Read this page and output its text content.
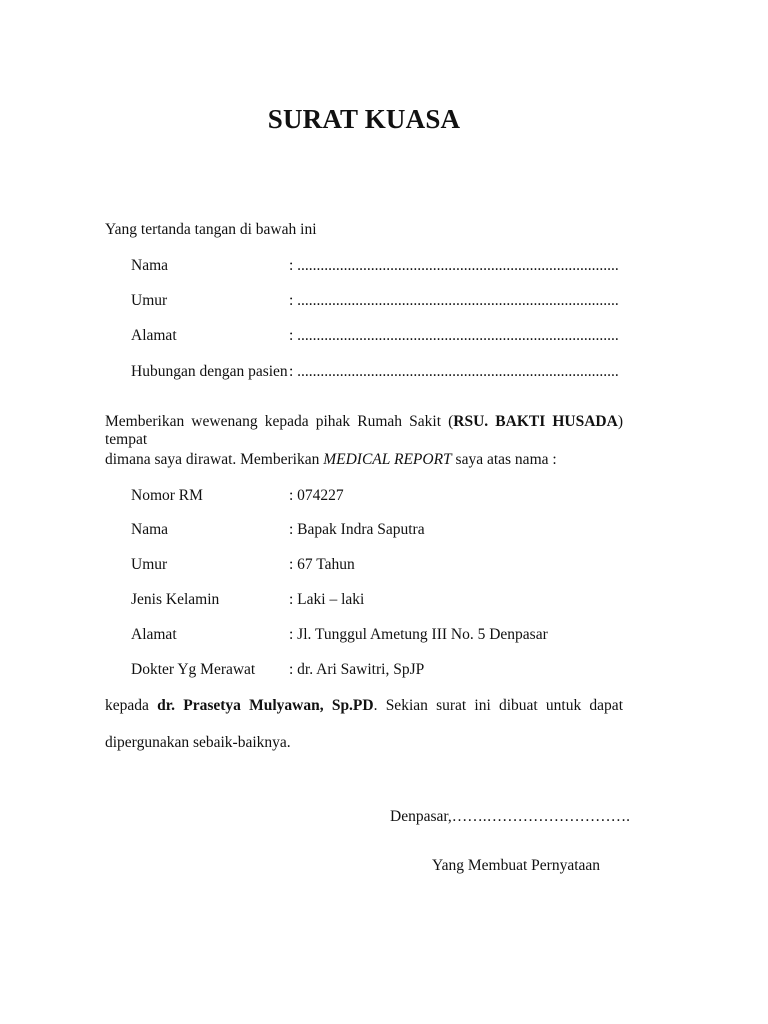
SURAT KUASA
Yang tertanda tangan di bawah ini
Nama	: ...................................................................................
Umur	: ...................................................................................
Alamat	: ...................................................................................
Hubungan dengan pasien : ...................................................................................
Memberikan wewenang kepada pihak Rumah Sakit (RSU. BAKTI HUSADA) tempat
dimana saya dirawat. Memberikan MEDICAL REPORT saya atas nama :
Nomor RM	: 074227
Nama	: Bapak Indra Saputra
Umur	: 67 Tahun
Jenis Kelamin	: Laki – laki
Alamat	: Jl. Tunggul Ametung III No. 5 Denpasar
Dokter Yg Merawat : dr. Ari Sawitri, SpJP
kepada dr. Prasetya Mulyawan, Sp.PD. Sekian surat ini dibuat untuk dapat
dipergunakan sebaik-baiknya.
Denpasar,…….……………………….
Yang Membuat Pernyataan
